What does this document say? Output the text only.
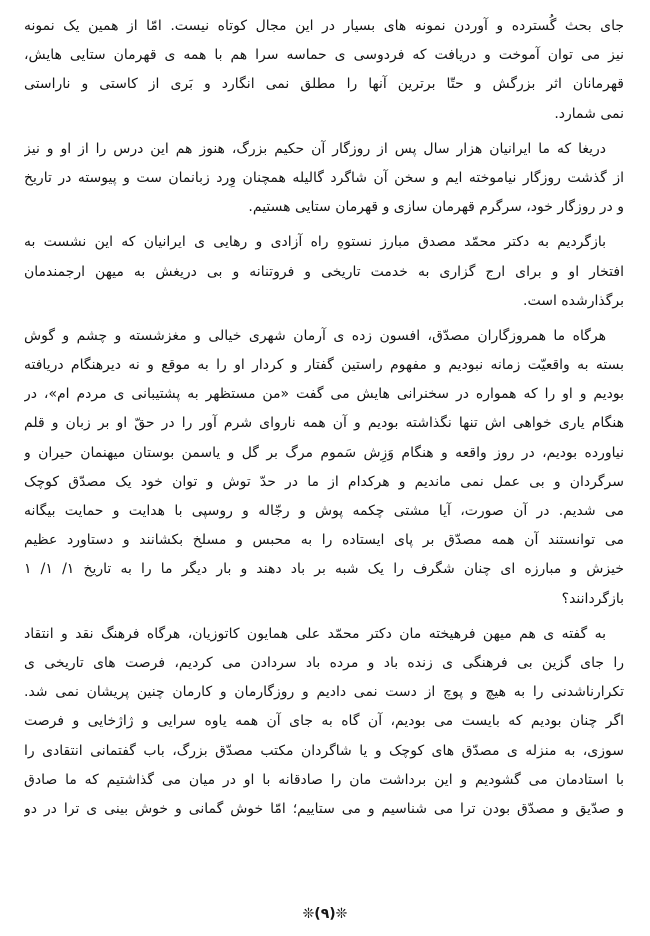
جای بحث گُسترده و آوردن نمونه های بسیار در این مجال کوتاه نیست. امّا از همین یک نمونه
نیز می توان آموخت و دریافت که فردوسی ی حماسه سرا هم با همه ی قهرمان ستایی هایش،
قهرمانان اثر بزرگش و حتّا برترین آنها را مطلق نمی انگارد و بَری از کاستی و ناراستی
نمی شمارد.
دریغا که ما ایرانیان هزار سال پس از روزگار آن حکیم بزرگ، هنوز هم این درس را از او و نیز
از گذشت روزگار نیاموخته ایم و سخن آن شاگرد گالیله همچنان وِرد زبانمان ست و پیوسته در تاریخ
و در روزگار خود، سرگرم قهرمان سازی و قهرمان ستایی هستیم.
بازگردیم به دکتر محمّد مصدق مبارز نستوهِ راه آزادی و رهایی ی ایرانیان که این نشست به
افتخار او و برای ارج گزاری به خدمت تاریخی و فروتنانه و بی دریغش به میهن ارجمندمان
برگذارشده است.
هرگاه ما همروزگاران مصدّق، افسون زده ی آرمان شهری خیالی و مغزشسته و چشم و گوش
بسته به واقعیّت زمانه نبودیم و مفهوم راستین گفتار و کردار او را به موقع و نه دیرهنگام دریافته
بودیم و او را که همواره در سخنرانی هایش می گفت «من مستظهر به پشتیبانی ی مردم ام»، در
هنگام یاری خواهی اش تنها نگذاشته بودیم و آن همه ناروای شرم آور را در حقّ او بر زبان و قلم
نیاورده بودیم، در روز واقعه و هنگام وَزِش سَموم مرگ بر گل و یاسمن بوستان میهنمان حیران و
سرگردان و بی عمل نمی ماندیم و هرکدام از ما در حدّ توش و توان خود یک مصدّق کوچک
می شدیم. در آن صورت، آیا مشتی چکمه پوش و رجّاله و روسپی با هدایت و حمایت بیگانه
می توانستند آن همه مصدّق بر پای ایستاده را به محبس و مسلخ بکشانند و دستاورد عظیم
خیزش و مبارزه ای چنان شگرف را یک شبه بر باد دهند و بار دیگر ما را به تاریخ ۱/ ۱/ ۱
بازگردانند؟
به گفته ی هم میهن فرهیخته مان دکتر محمّد علی همایون کاتوزیان، هرگاه فرهنگ نقد و انتقاد
را جای گزین بی فرهنگی ی زنده باد و مرده باد سردادن می کردیم، فرصت های تاریخی ی
تکرارناشدنی را به هیچ و پوچ از دست نمی دادیم و روزگارمان و کارمان چنین پریشان نمی شد.
اگر چنان بودیم که بایست می بودیم، آن گاه به جای آن همه یاوه سرایی و ژاژخایی و فرصت
سوزی، به منزله ی مصدّق های کوچک و یا شاگردان مکتب مصدّق بزرگ، باب گفتمانی انتقادی را
با استادمان می گشودیم و این برداشت مان را صادقانه با او در میان می گذاشتیم که ما صادق
و صدّیق و مصدّق بودن ترا می شناسیم و می ستاییم؛ امّا خوش گمانی و خوش بینی ی ترا در دو
❊(۹)❊
